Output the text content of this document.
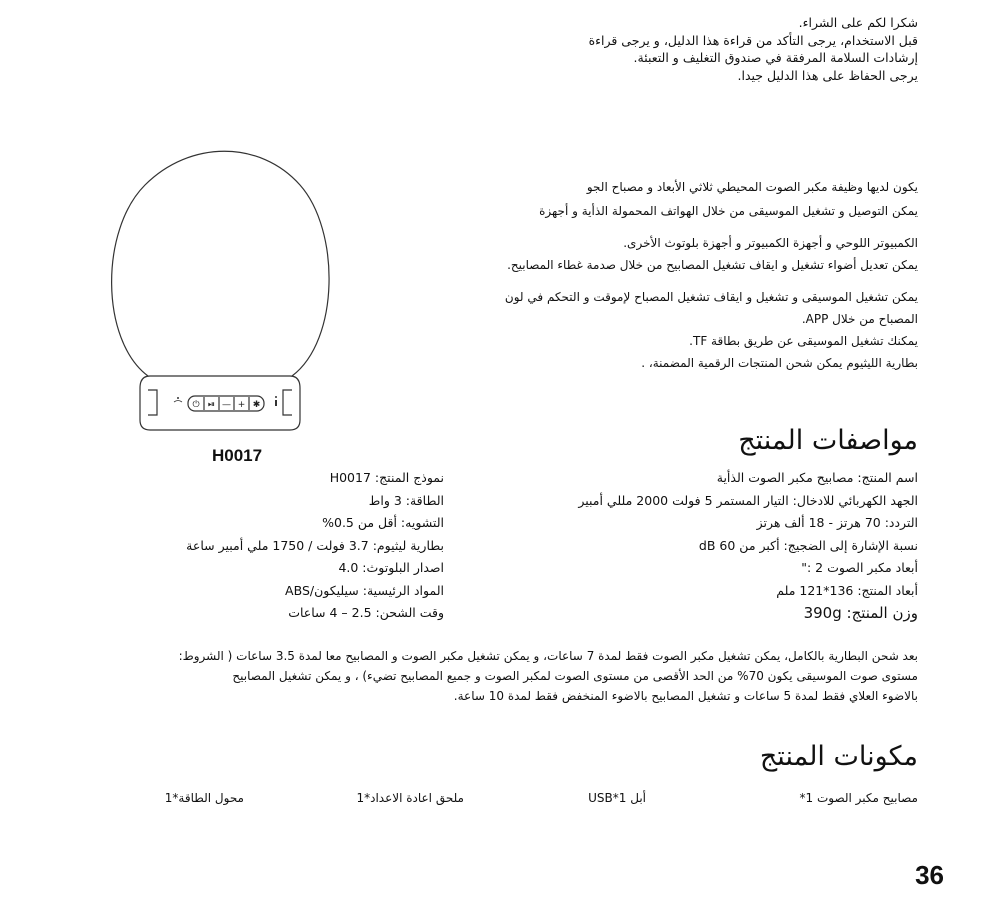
شكرا لكم على الشراء.
قبل الاستخدام، يرجى التأكد من قراءة هذا الدليل، و يرجى قراءة
إرشادات السلامة المرفقة في صندوق التغليف و التعبئة.
يرجى الحفاظ على هذا الدليل جيدا.
⏻ ⏯ — + ✱
H0017
يكون لديها وظيفة مكبر الصوت المحيطي ثلاثي الأبعاد و مصباح الجو
يمكن التوصيل و تشغيل الموسيقى من خلال الهواتف المحمولة الذأية و أجهزة
الكمبيوتر اللوحي و أجهزة الكمبيوتر و أجهزة بلوتوث الأخرى.
يمكن تعديل أضواء تشغيل و ايقاف تشغيل المصابيح من خلال صدمة غطاء المصابيح.
يمكن تشغيل الموسيقى و تشغيل و ايقاف تشغيل المصباح لإموقت و التحكم في لون
المصباح من خلال APP.
يمكنك تشغيل الموسيقى عن طريق بطاقة TF.
بطارية الليثيوم يمكن شحن المنتجات الرقمية المضمنة، .
مواصفات المنتج
اسم المنتج: مصابيح مكبر الصوت الذأية
الجهد الكهربائي للادخال: التيار المستمر 5 فولت 2000 مللي أمبير
التردد: 70 هرتز - 18 ألف هرتز
نسبة الإشارة إلى الضجيج: أكبر من 60 dB
أبعاد مكبر الصوت 2 :"
أبعاد المنتج: 136*121 ملم
وزن المنتج: 390g
نموذج المنتج: H0017
الطاقة: 3 واط
التشويه: أقل من 0.5%
بطارية ليثيوم: 3.7 فولت / 1750 ملي أمبير ساعة
اصدار البلوتوث: 4.0
المواد الرئيسية: سيليكون/ABS
وقت الشحن: 2.5 – 4 ساعات
بعد شحن البطارية بالكامل، يمكن تشغيل مكبر الصوت فقط لمدة 7 ساعات، و يمكن تشغيل مكبر الصوت و المصابيح معا لمدة 3.5 ساعات ( الشروط:
مستوى صوت الموسيقى يكون 70% من الحد الأقصى من مستوى الصوت لمكبر الصوت و جميع المصابيح تضيء) ، و يمكن تشغيل المصابيح
بالاضوء العلاي فقط لمدة 5 ساعات و تشغيل المصابيح بالاضوء المنخفض فقط لمدة 10 ساعة.
مكونات المنتج
مصابيح مكبر الصوت 1*
أبل USB*1
ملحق اعادة الاعداد*1
محول الطاقة*1
36
